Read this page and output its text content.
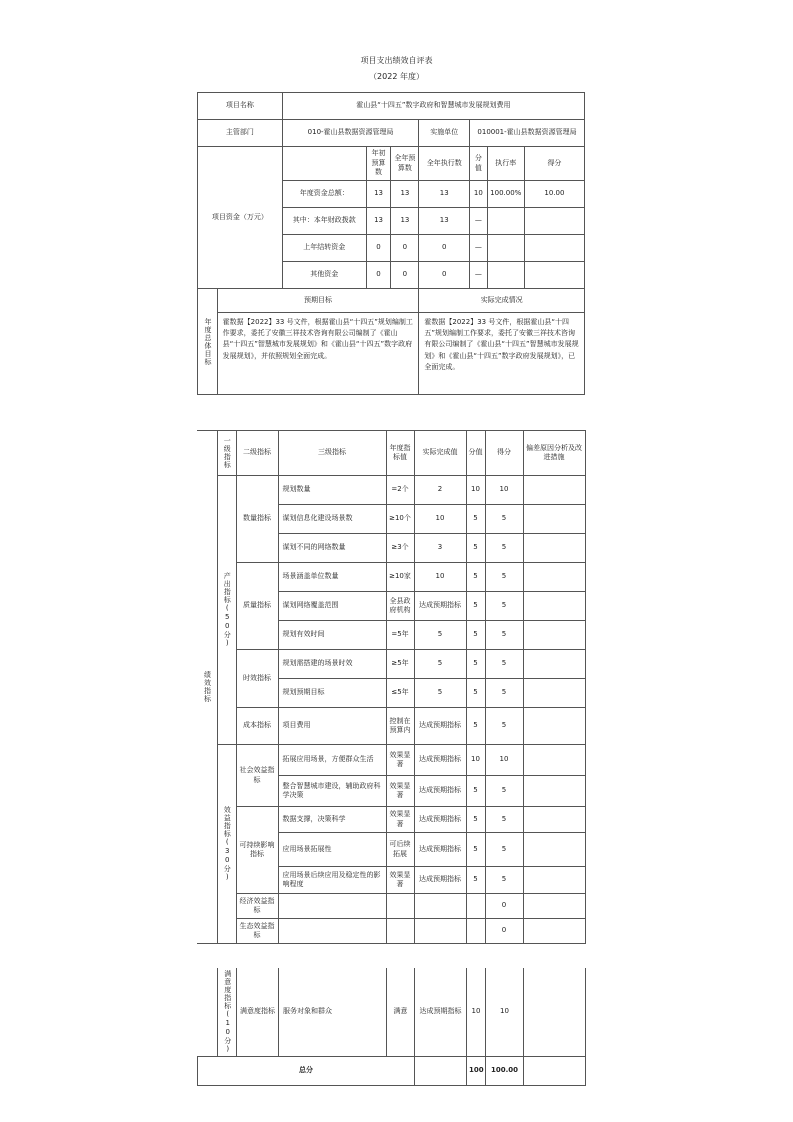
项目支出绩效自评表
（2022 年度）
项目名称		霍山县“十四五”数字政府和智慧城市发展规划费用						
主管部门		010-霍山县数据资源管理局			实施单位	010001-霍山县数据资源管理局		
项目资金（万元）			年初预算数	全年预算数	全年执行数	分值	执行率	得分
		年度资金总额：	13	13	13	10	100.00%	10.00
		其中：本年财政拨款	13	13	13	—		
		上年结转资金	0	0	0	—		
		其他资金	0	0	0	—		
年度总体目标	预期目标				实际完成情况			
	霍数据【2022】33 号文件，根据霍山县“十四五”规划编制工作要求，委托了安徽三祥技术咨询有限公司编制了《霍山县“十四五”智慧城市发展规划》和《霍山县“十四五”数字政府发展规划》，并依照规划全面完成。				霍数据【2022】33 号文件，根据霍山县“十四五”规划编制工作要求，委托了安徽三祥技术咨询有限公司编制了《霍山县“十四五”智慧城市发展规划》和《霍山县“十四五”数字政府发展规划》，已全面完成。			
绩效指标	一级指标	二级指标	三级指标	年度指标值	实际完成值	分值	得分	偏差原因分析及改进措施
	产出指标(50分)	数量指标	规划数量	=2个	2	10	10	
			谋划信息化建设场景数	≥10个	10	5	5	
			谋划不同的网络数量	≥3个	3	5	5	
		质量指标	场景涵盖单位数量	≥10家	10	5	5	
			谋划网络覆盖范围	全县政府机构	达成预期指标	5	5	
			规划有效时间	=5年	5	5	5	
		时效指标	规划需搭建的场景时效	≥5年	5	5	5	
			规划预期目标	≤5年	5	5	5	
		成本指标	项目费用	控制在预算内	达成预期指标	5	5	
	效益指标(30分)	社会效益指标	拓展应用场景，方便群众生活	效果显著	达成预期指标	10	10	
			整合智慧城市建设，辅助政府科学决策	效果显著	达成预期指标	5	5	
		可持续影响指标	数据支撑，决策科学	效果显著	达成预期指标	5	5	
			应用场景拓展性	可后续拓展	达成预期指标	5	5	
			应用场景后续应用及稳定性的影响程度	效果显著	达成预期指标	5	5	
		经济效益指标					0	
		生态效益指标					0	
	满意度指标(10分)	满意度指标	服务对象和群众	满意	达成预期指标	10	10	
总分						100	100.00	
